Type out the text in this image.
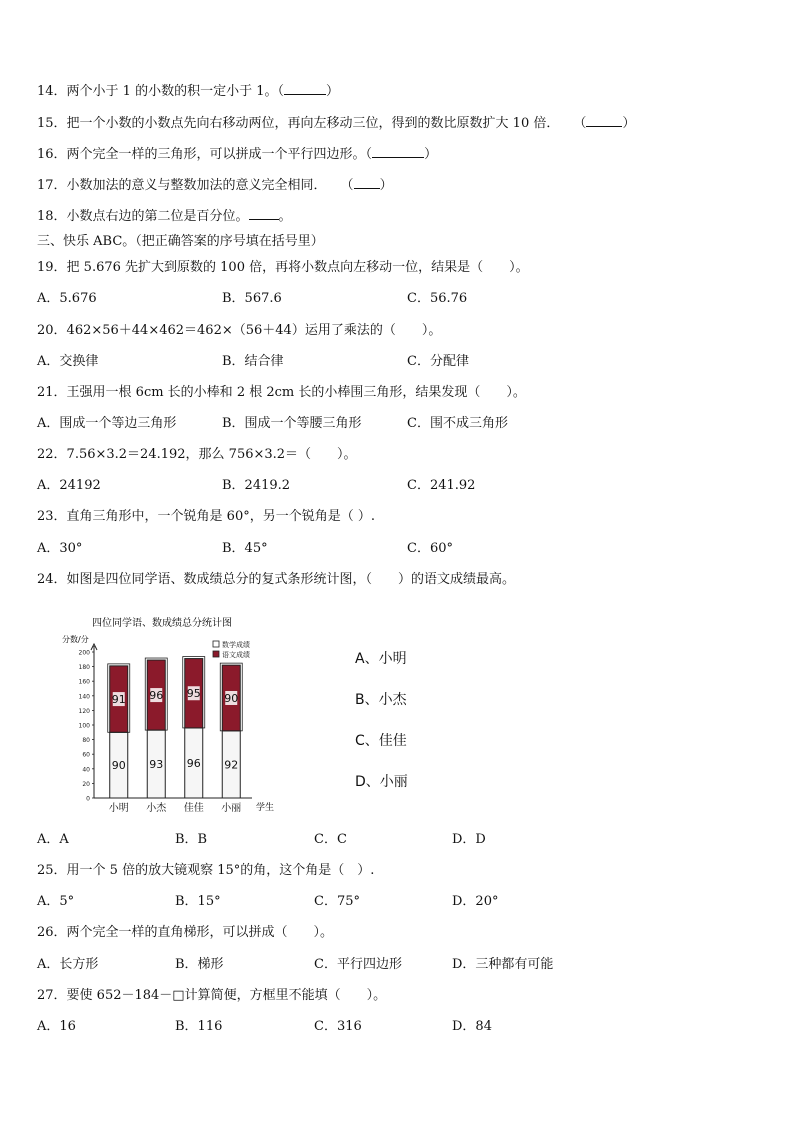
14．两个小于 1 的小数的积一定小于 1。（	）
15．把一个小数的小数点先向右移动两位，再向左移动三位，得到的数比原数扩大 10 倍． （	）
16．两个完全一样的三角形，可以拼成一个平行四边形。（	）
17．小数加法的意义与整数加法的意义完全相同． （ ）
18．小数点右边的第二位是百分位。 。
三、快乐 ABC。（把正确答案的序号填在括号里）
19．把 5.676 先扩大到原数的 100 倍，再将小数点向左移动一位，结果是（　　）。
A．5.676	B．567.6	C．56.76
20．462×56＋44×462＝462×（56＋44）运用了乘法的（　　）。
A．交换律	B．结合律	C．分配律
21．王强用一根 6cm 长的小棒和 2 根 2cm 长的小棒围三角形，结果发现（　　）。
A．围成一个等边三角形	B．围成一个等腰三角形	C．围不成三角形
22．7.56×3.2＝24.192，那么 756×3.2＝（　　）。
A．24192	B．2419.2	C．241.92
23．直角三角形中，一个锐角是 60°，另一个锐角是（ ）.
A．30°	B．45°	C．60°
24．如图是四位同学语、数成绩总分的复式条形统计图，（　　）的语文成绩最高。
四位同学语、数成绩总分统计图
分数/分
学生
0
20
40
60
80
100
120
140
160
180
200
90
91
93
96
96
95
92
90
小明 小杰 佳佳 小丽
数学成绩
语文成绩	A、小明
B、小杰
C、佳佳
D、小丽
A．A	B．B	C．C	D．D
25．用一个 5 倍的放大镜观察 15°的角，这个角是（　）.
A．5°	B．15°	C．75°	D．20°
26．两个完全一样的直角梯形，可以拼成（　　）。
A．长方形	B．梯形	C．平行四边形	D．三种都有可能
27．要使 652－184－□计算简便，方框里不能填（　　）。
A．16	B．116	C．316	D．84
